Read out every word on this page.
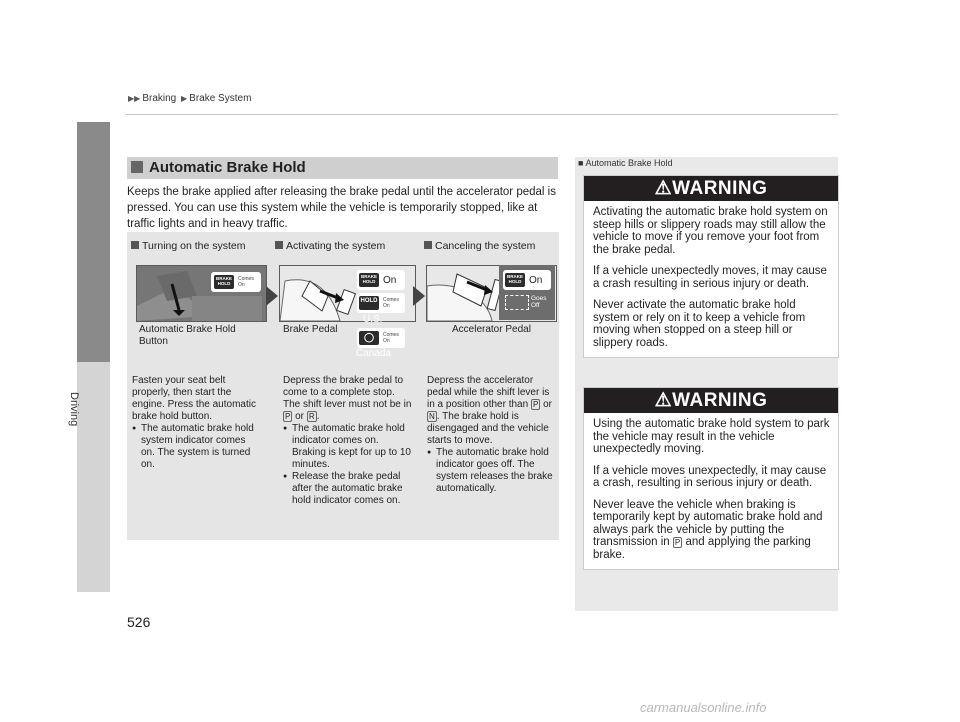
▶▶ Braking ▶ Brake System
Driving
Automatic Brake Hold
Keeps the brake applied after releasing the brake pedal until the accelerator pedal is pressed. You can use this system while the vehicle is temporarily stopped, like at traffic lights and in heavy traffic.
Turning on the system	Activating the system	Canceling the system
BRAKE HOLD
Comes On
Automatic Brake Hold Button
BRAKE HOLD On
HOLD	Comes On
U.S.
◯	Comes On
Canada
Brake Pedal
BRAKE HOLD On
Goes Off
Accelerator Pedal
Fasten your seat belt properly, then start the engine. Press the automatic brake hold button.
● The automatic brake hold system indicator comes on. The system is turned on.
Depress the brake pedal to come to a complete stop. The shift lever must not be in P or R .
● The automatic brake hold indicator comes on. Braking is kept for up to 10 minutes.
● Release the brake pedal after the automatic brake hold indicator comes on.
Depress the accelerator pedal while the shift lever is in a position other than P or N . The brake hold is disengaged and the vehicle starts to move.
● The automatic brake hold indicator goes off. The system releases the brake automatically.
■ Automatic Brake Hold
⚠WARNING

Activating the automatic brake hold system on steep hills or slippery roads may still allow the vehicle to move if you remove your foot from the brake pedal.

If a vehicle unexpectedly moves, it may cause a crash resulting in serious injury or death.

Never activate the automatic brake hold system or rely on it to keep a vehicle from moving when stopped on a steep hill or slippery roads.

⚠WARNING

Using the automatic brake hold system to park the vehicle may result in the vehicle unexpectedly moving.

If a vehicle moves unexpectedly, it may cause a crash, resulting in serious injury or death.

Never leave the vehicle when braking is temporarily kept by automatic brake hold and always park the vehicle by putting the transmission in P and applying the parking brake.

526
carmanualsonline.info
